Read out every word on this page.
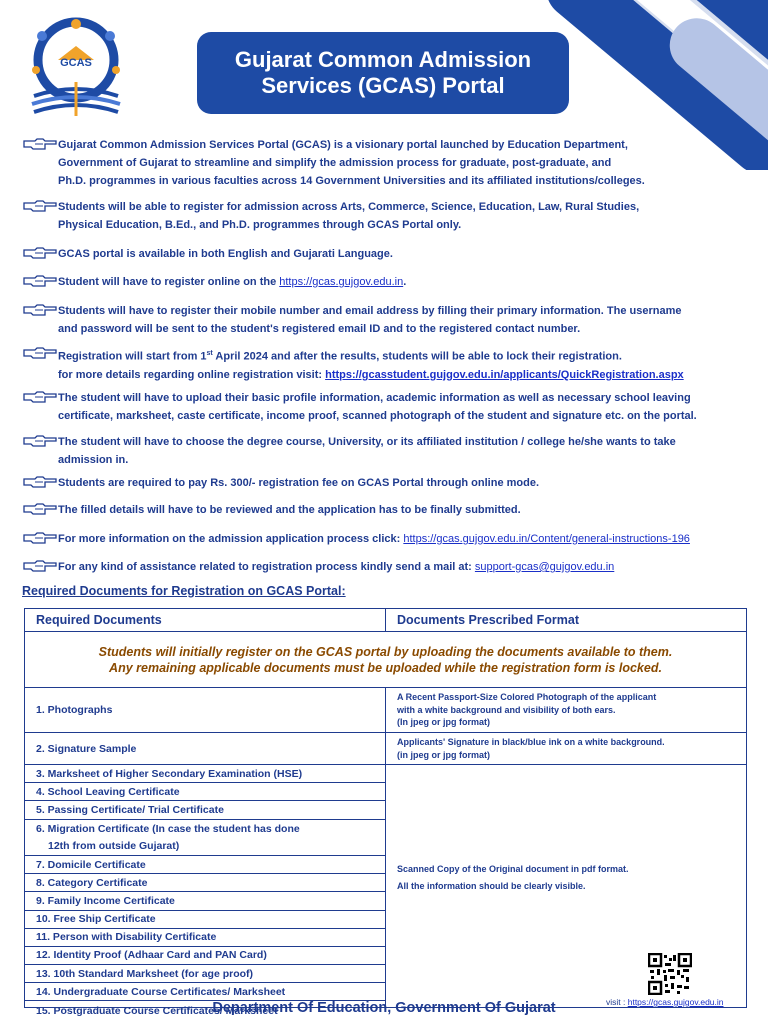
GCAS	Gujarat Common Admission
Services (GCAS) Portal
Gujarat Common Admission Services Portal (GCAS) is a visionary portal launched by Education Department,
Government of Gujarat to streamline and simplify the admission process for graduate, post-graduate, and
Ph.D. programmes in various faculties across 14 Government Universities and its affiliated institutions/colleges.
Students will be able to register for admission across Arts, Commerce, Science, Education, Law, Rural Studies,
Physical Education, B.Ed., and Ph.D. programmes through GCAS Portal only.
GCAS portal is available in both English and Gujarati Language.
Student will have to register online on the https://gcas.gujgov.edu.in.
Students will have to register their mobile number and email address by filling their primary information. The username
and password will be sent to the student's registered email ID and to the registered contact number.
Registration will start from 1st April 2024 and after the results, students will be able to lock their registration.
for more details regarding online registration visit: https://gcasstudent.gujgov.edu.in/applicants/QuickRegistration.aspx
The student will have to upload their basic profile information, academic information as well as necessary school leaving
certificate, marksheet, caste certificate, income proof, scanned photograph of the student and signature etc. on the portal.
The student will have to choose the degree course, University, or its affiliated institution / college he/she wants to take
admission in.
Students are required to pay Rs. 300/- registration fee on GCAS Portal through online mode.
The filled details will have to be reviewed and the application has to be finally submitted.
For more information on the admission application process click: https://gcas.gujgov.edu.in/Content/general-instructions-196
For any kind of assistance related to registration process kindly send a mail at: support-gcas@gujgov.edu.in
Required Documents for Registration on GCAS Portal:
Required Documents	Documents Prescribed Format
Students will initially register on the GCAS portal by uploading the documents available to them.
Any remaining applicable documents must be uploaded while the registration form is locked.
1. Photographs
A Recent Passport-Size Colored Photograph of the applicant
with a white background and visibility of both ears.
(In jpeg or jpg format)
2. Signature Sample
Applicants' Signature in black/blue ink on a white background.
(in jpeg or jpg format)
3. Marksheet of Higher Secondary Examination (HSE)
4. School Leaving Certificate
5. Passing Certificate/ Trial Certificate
6. Migration Certificate (In case the student has done
12th from outside Gujarat)
7. Domicile Certificate
8. Category Certificate
9. Family Income Certificate
10. Free Ship Certificate
11. Person with Disability Certificate
12. Identity Proof (Adhaar Card and PAN Card)
13. 10th Standard Marksheet (for age proof)
14. Undergraduate Course Certificates/ Marksheet
15. Postgraduate Course Certificates/ Marksheet
Scanned Copy of the Original document in pdf format.
All the information should be clearly visible.
visit : https://gcas.gujgov.edu.in
Department Of Education, Government Of Gujarat
